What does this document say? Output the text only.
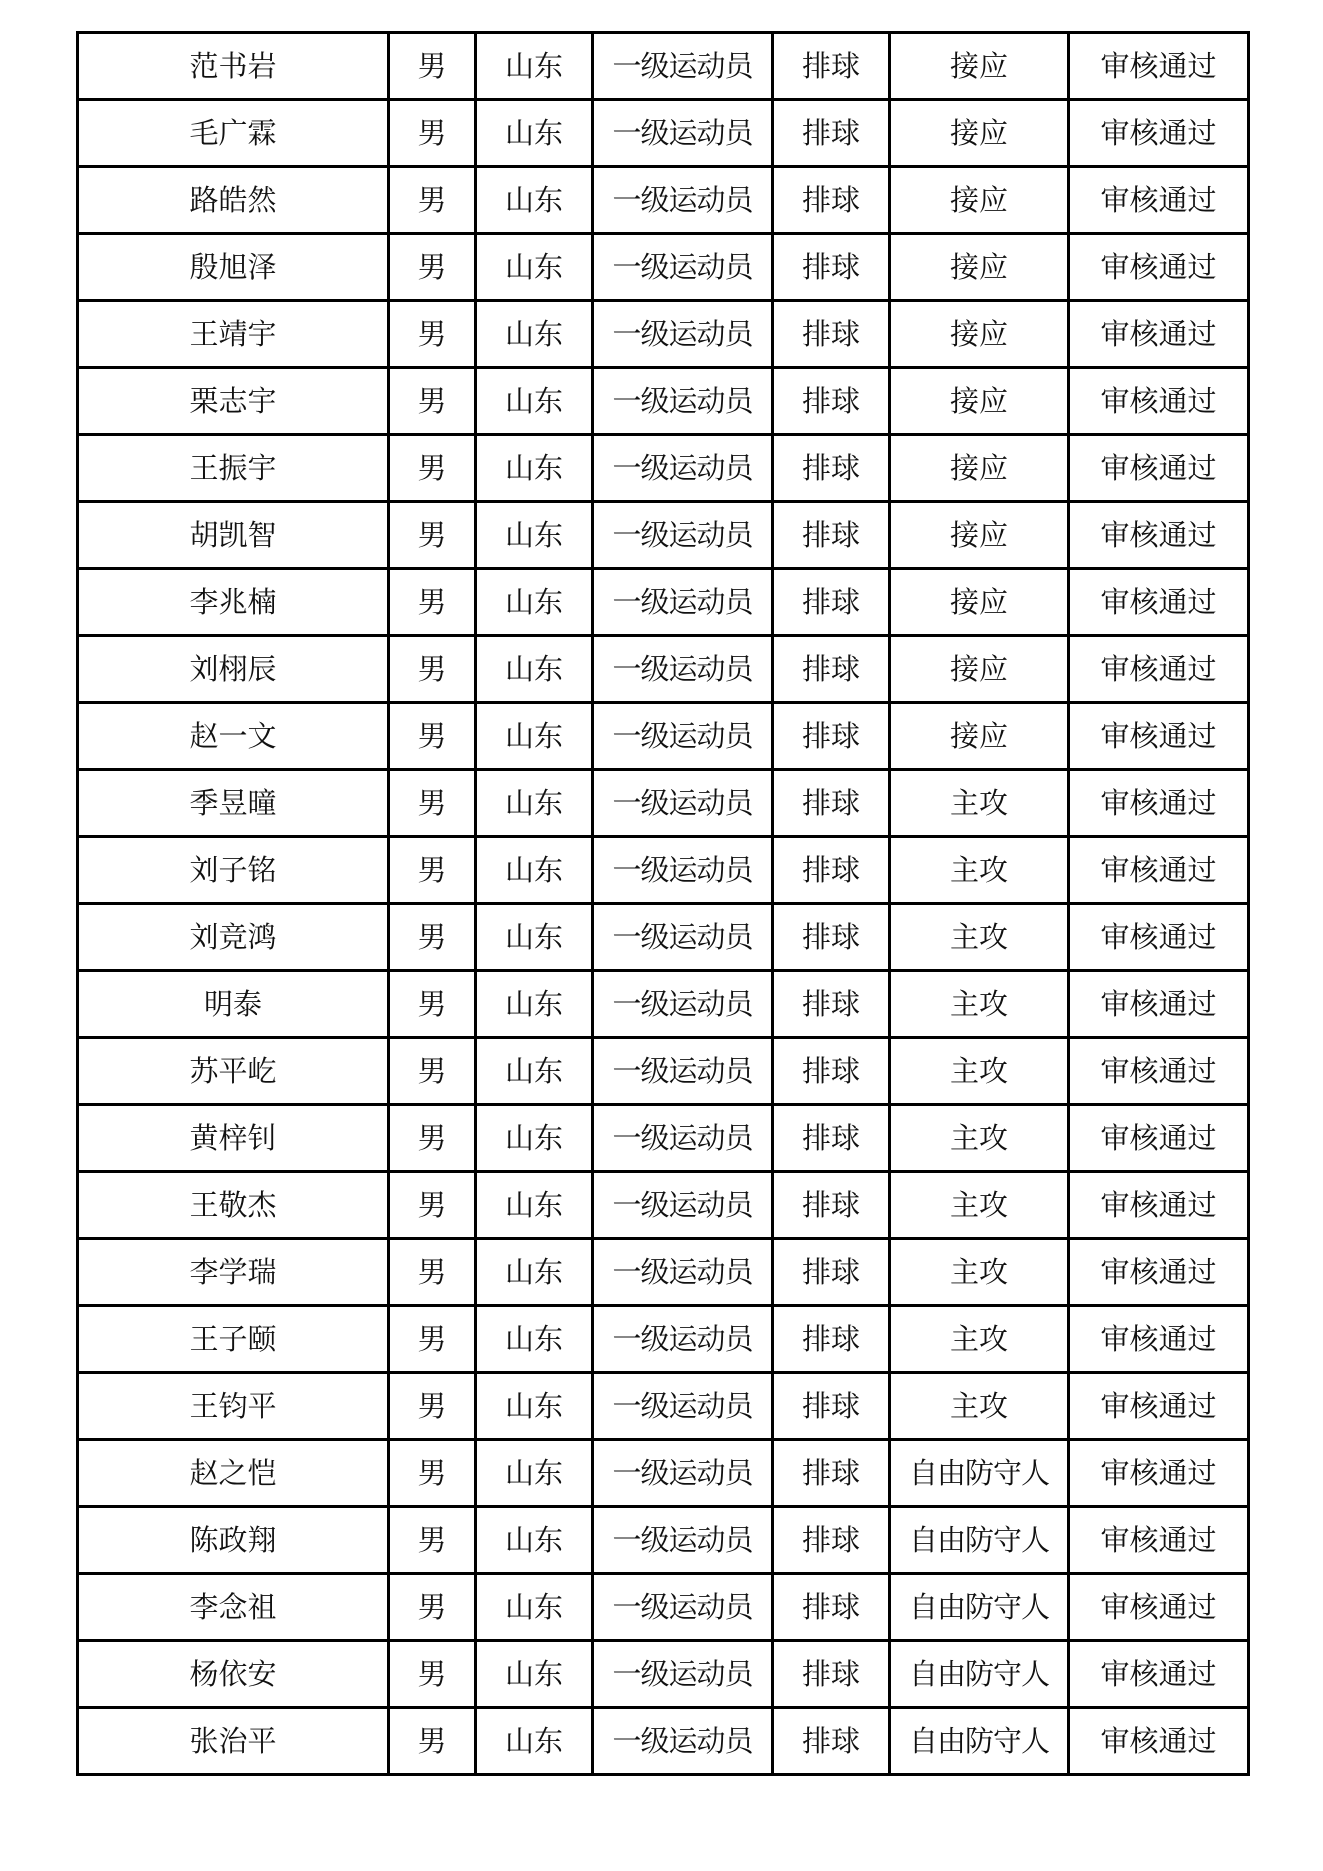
范书岩	男	山东	一级运动员	排球	接应	审核通过
毛广霖	男	山东	一级运动员	排球	接应	审核通过
路皓然	男	山东	一级运动员	排球	接应	审核通过
殷旭泽	男	山东	一级运动员	排球	接应	审核通过
王靖宇	男	山东	一级运动员	排球	接应	审核通过
栗志宇	男	山东	一级运动员	排球	接应	审核通过
王振宇	男	山东	一级运动员	排球	接应	审核通过
胡凯智	男	山东	一级运动员	排球	接应	审核通过
李兆楠	男	山东	一级运动员	排球	接应	审核通过
刘栩辰	男	山东	一级运动员	排球	接应	审核通过
赵一文	男	山东	一级运动员	排球	接应	审核通过
季昱曈	男	山东	一级运动员	排球	主攻	审核通过
刘子铭	男	山东	一级运动员	排球	主攻	审核通过
刘竞鸿	男	山东	一级运动员	排球	主攻	审核通过
明泰	男	山东	一级运动员	排球	主攻	审核通过
苏平屹	男	山东	一级运动员	排球	主攻	审核通过
黄梓钊	男	山东	一级运动员	排球	主攻	审核通过
王敬杰	男	山东	一级运动员	排球	主攻	审核通过
李学瑞	男	山东	一级运动员	排球	主攻	审核通过
王子颐	男	山东	一级运动员	排球	主攻	审核通过
王钧平	男	山东	一级运动员	排球	主攻	审核通过
赵之恺	男	山东	一级运动员	排球	自由防守人	审核通过
陈政翔	男	山东	一级运动员	排球	自由防守人	审核通过
李念祖	男	山东	一级运动员	排球	自由防守人	审核通过
杨依安	男	山东	一级运动员	排球	自由防守人	审核通过
张治平	男	山东	一级运动员	排球	自由防守人	审核通过
